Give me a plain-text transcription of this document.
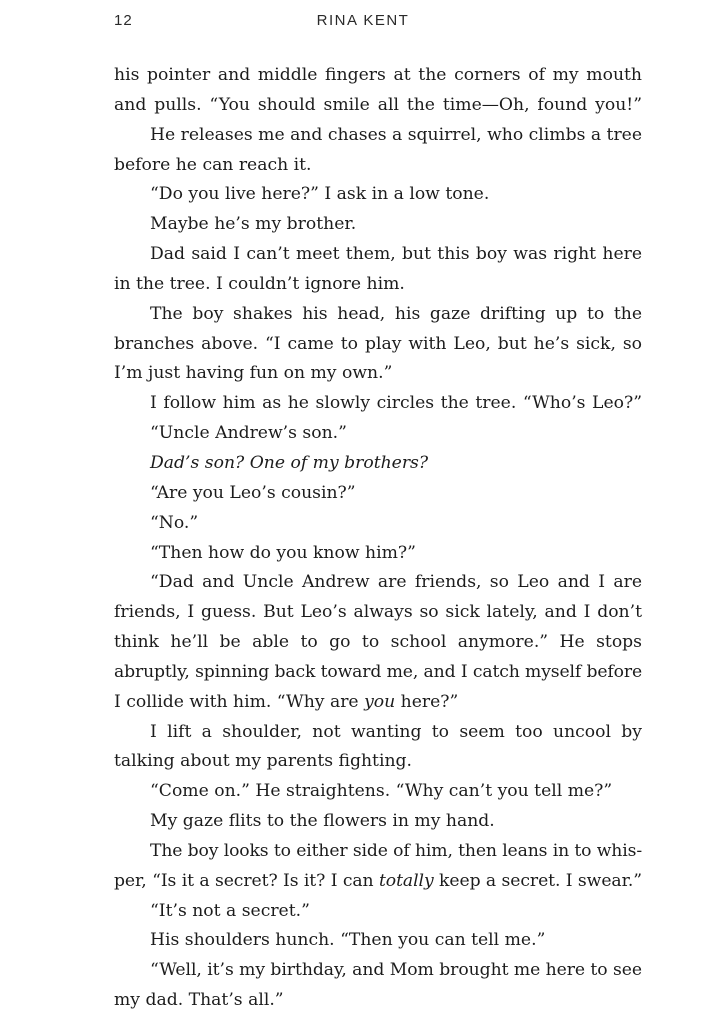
12	RINA KENT
his pointer and middle fingers at the corners of my mouth
and pulls. “You should smile all the time—Oh, found you!”
He releases me and chases a squirrel, who climbs a tree
before he can reach it.
“Do you live here?” I ask in a low tone.
Maybe he’s my brother.
Dad said I can’t meet them, but this boy was right here
in the tree. I couldn’t ignore him.
The boy shakes his head, his gaze drifting up to the
branches above. “I came to play with Leo, but he’s sick, so
I’m just having fun on my own.”
I follow him as he slowly circles the tree. “Who’s Leo?”
“Uncle Andrew’s son.”
Dad’s son? One of my brothers?
“Are you Leo’s cousin?”
“No.”
“Then how do you know him?”
“Dad and Uncle Andrew are friends, so Leo and I are
friends, I guess. But Leo’s always so sick lately, and I don’t
think he’ll be able to go to school anymore.” He stops
abruptly, spinning back toward me, and I catch myself before
I collide with him. “Why are you here?”
I lift a shoulder, not wanting to seem too uncool by
talking about my parents fighting.
“Come on.” He straightens. “Why can’t you tell me?”
My gaze flits to the flowers in my hand.
The boy looks to either side of him, then leans in to whis-
per, “Is it a secret? Is it? I can totally keep a secret. I swear.”
“It’s not a secret.”
His shoulders hunch. “Then you can tell me.”
“Well, it’s my birthday, and Mom brought me here to see
my dad. That’s all.”
